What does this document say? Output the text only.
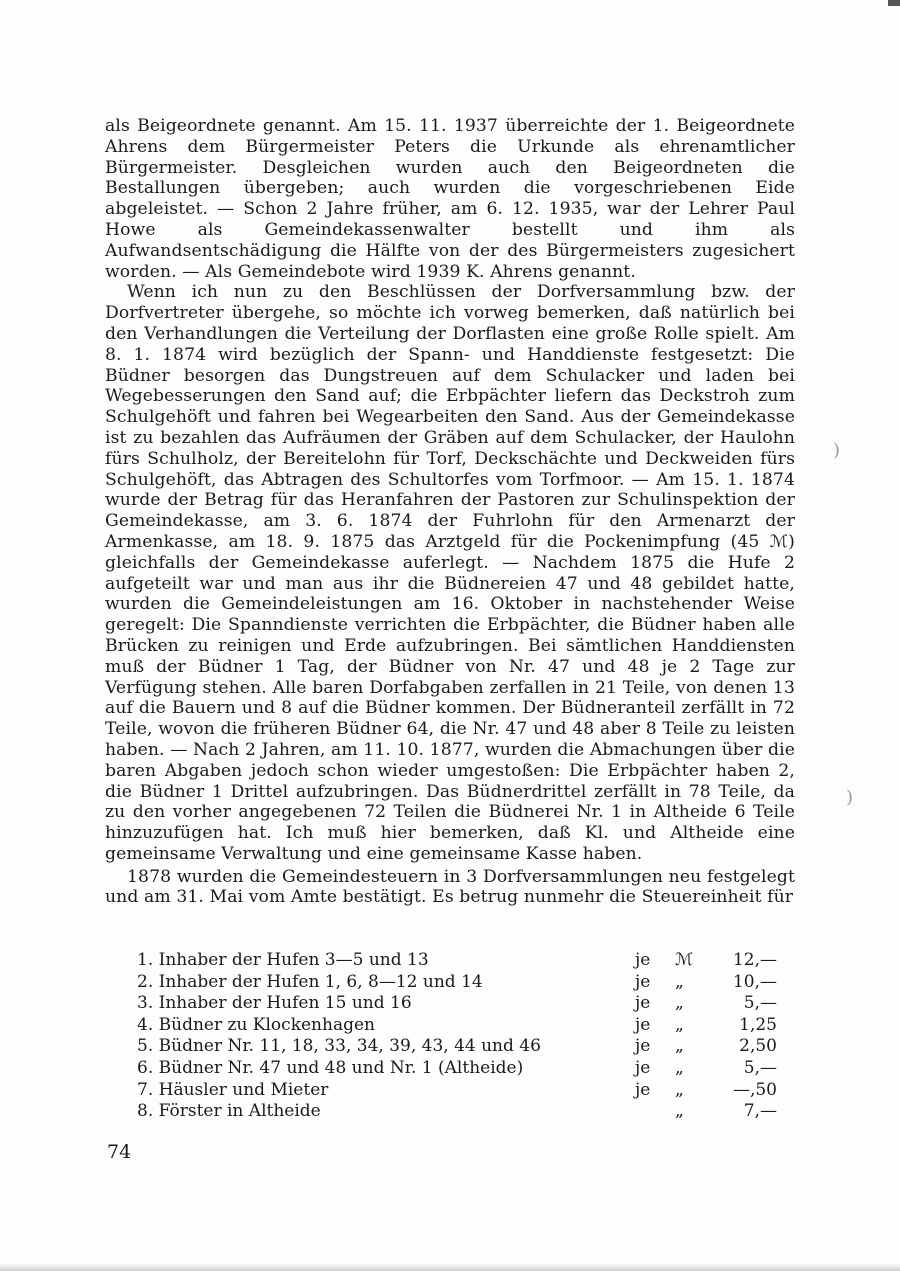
als Beigeordnete genannt. Am 15. 11. 1937 überreichte der 1. Beigeordnete Ahrens dem Bürgermeister Peters die Urkunde als ehrenamtlicher Bürgermeister. Desgleichen wurden auch den Beigeordneten die Bestallungen übergeben; auch wurden die vorgeschriebenen Eide abgeleistet. — Schon 2 Jahre früher, am 6. 12. 1935, war der Lehrer Paul Howe als Gemeindekassenwalter bestellt und ihm als Aufwandsentschädigung die Hälfte von der des Bürgermeisters zugesichert worden. — Als Gemeindebote wird 1939 K. Ahrens genannt.

Wenn ich nun zu den Beschlüssen der Dorfversammlung bzw. der Dorfvertreter übergehe, so möchte ich vorweg bemerken, daß natürlich bei den Verhandlungen die Verteilung der Dorflasten eine große Rolle spielt. Am 8. 1. 1874 wird bezüglich der Spann- und Handdienste festgesetzt: Die Büdner besorgen das Dungstreuen auf dem Schulacker und laden bei Wegebesserungen den Sand auf; die Erbpächter liefern das Deckstroh zum Schulgehöft und fahren bei Wegearbeiten den Sand. Aus der Gemeindekasse ist zu bezahlen das Aufräumen der Gräben auf dem Schulacker, der Haulohn fürs Schulholz, der Bereitelohn für Torf, Deckschächte und Deckweiden fürs Schulgehöft, das Abtragen des Schultorfes vom Torfmoor. — Am 15. 1. 1874 wurde der Betrag für das Heranfahren der Pastoren zur Schulinspektion der Gemeindekasse, am 3. 6. 1874 der Fuhrlohn für den Armenarzt der Armenkasse, am 18. 9. 1875 das Arztgeld für die Pockenimpfung (45 ℳ) gleichfalls der Gemeindekasse auferlegt. — Nachdem 1875 die Hufe 2 aufgeteilt war und man aus ihr die Büdnereien 47 und 48 gebildet hatte, wurden die Gemeindeleistungen am 16. Oktober in nachstehender Weise geregelt: Die Spanndienste verrichten die Erbpächter, die Büdner haben alle Brücken zu reinigen und Erde aufzubringen. Bei sämtlichen Handdiensten muß der Büdner 1 Tag, der Büdner von Nr. 47 und 48 je 2 Tage zur Verfügung stehen. Alle baren Dorfabgaben zerfallen in 21 Teile, von denen 13 auf die Bauern und 8 auf die Büdner kommen. Der Büdneranteil zerfällt in 72 Teile, wovon die früheren Büdner 64, die Nr. 47 und 48 aber 8 Teile zu leisten haben. — Nach 2 Jahren, am 11. 10. 1877, wurden die Abmachungen über die baren Abgaben jedoch schon wieder umgestoßen: Die Erbpächter haben 2, die Büdner 1 Drittel aufzubringen. Das Büdnerdrittel zerfällt in 78 Teile, da zu den vorher angegebenen 72 Teilen die Büdnerei Nr. 1 in Altheide 6 Teile hinzuzufügen hat. Ich muß hier bemerken, daß Kl. und Altheide eine gemeinsame Verwaltung und eine gemeinsame Kasse haben.

1878 wurden die Gemeindesteuern in 3 Dorfversammlungen neu festgelegt und am 31. Mai vom Amte bestätigt. Es betrug nunmehr die Steuereinheit für

1. Inhaber der Hufen 3—5 und 13	je	ℳ	12,—
2. Inhaber der Hufen 1, 6, 8—12 und 14	je	„	10,—
3. Inhaber der Hufen 15 und 16	je	„	5,—
4. Büdner zu Klockenhagen	je	„	1,25
5. Büdner Nr. 11, 18, 33, 34, 39, 43, 44 und 46	je	„	2,50
6. Büdner Nr. 47 und 48 und Nr. 1 (Altheide)	je	„	5,—
7. Häusler und Mieter	je	„	—,50
8. Förster in Altheide	„	7,—
74
)
)
